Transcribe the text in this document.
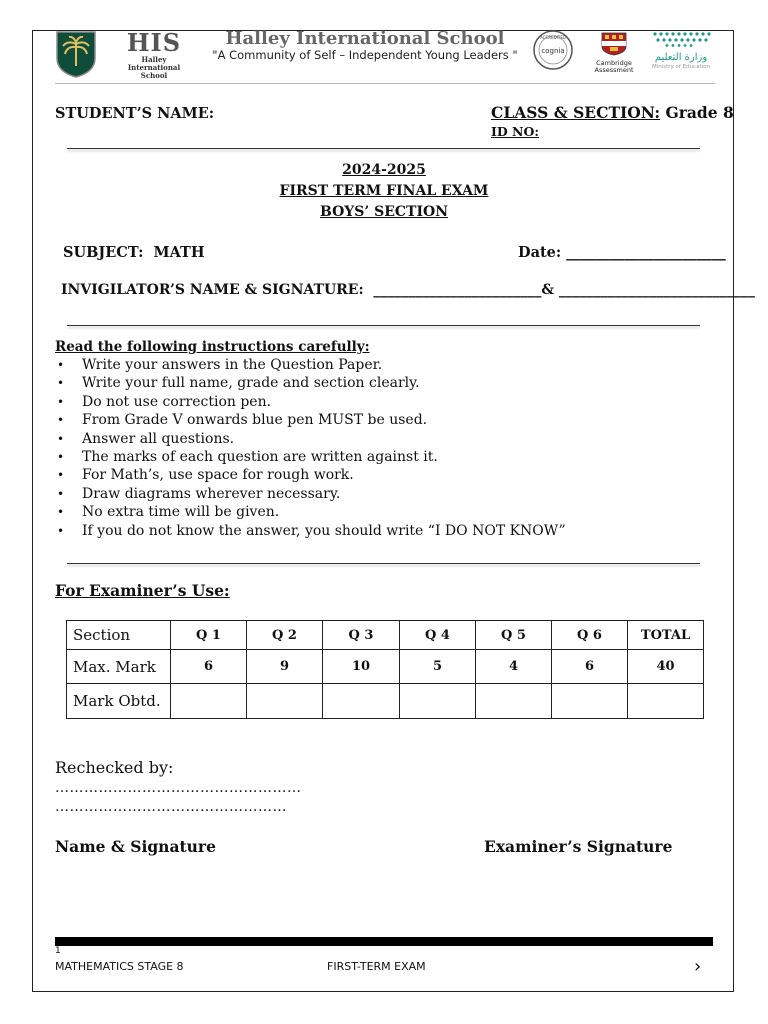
HIS
Halley International
School
Halley International School
"A Community of Self – Independent Young Leaders "
ACCREDITED
cognia
Cambridge
Assessment
وزارة التعليم
Ministry of Education
STUDENT’S NAME:	CLASS & SECTION: Grade 8
ID NO:
2024-2025
FIRST TERM FINAL EXAM
BOYS’ SECTION
SUBJECT:  MATH	Date: ______________________
INVIGILATOR’S NAME & SIGNATURE:  ________________________& ____________________________
Read the following instructions carefully:
• Write your answers in the Question Paper.
• Write your full name, grade and section clearly.
• Do not use correction pen.
• From Grade V onwards blue pen MUST be used.
• Answer all questions.
• The marks of each question are written against it.
• For Math’s, use space for rough work.
• Draw diagrams wherever necessary.
• No extra time will be given.
• If you do not know the answer, you should write “I DO NOT KNOW”
For Examiner’s Use:
Section	Q 1	Q 2	Q 3	Q 4	Q 5	Q 6	TOTAL
Max. Mark	6	9	10	5	4	6	40
Mark Obtd.							
Rechecked by:
……………………………………………
…………………………………………
Name & Signature	Examiner’s Signature
1
MATHEMATICS STAGE 8	FIRST-TERM EXAM	›
